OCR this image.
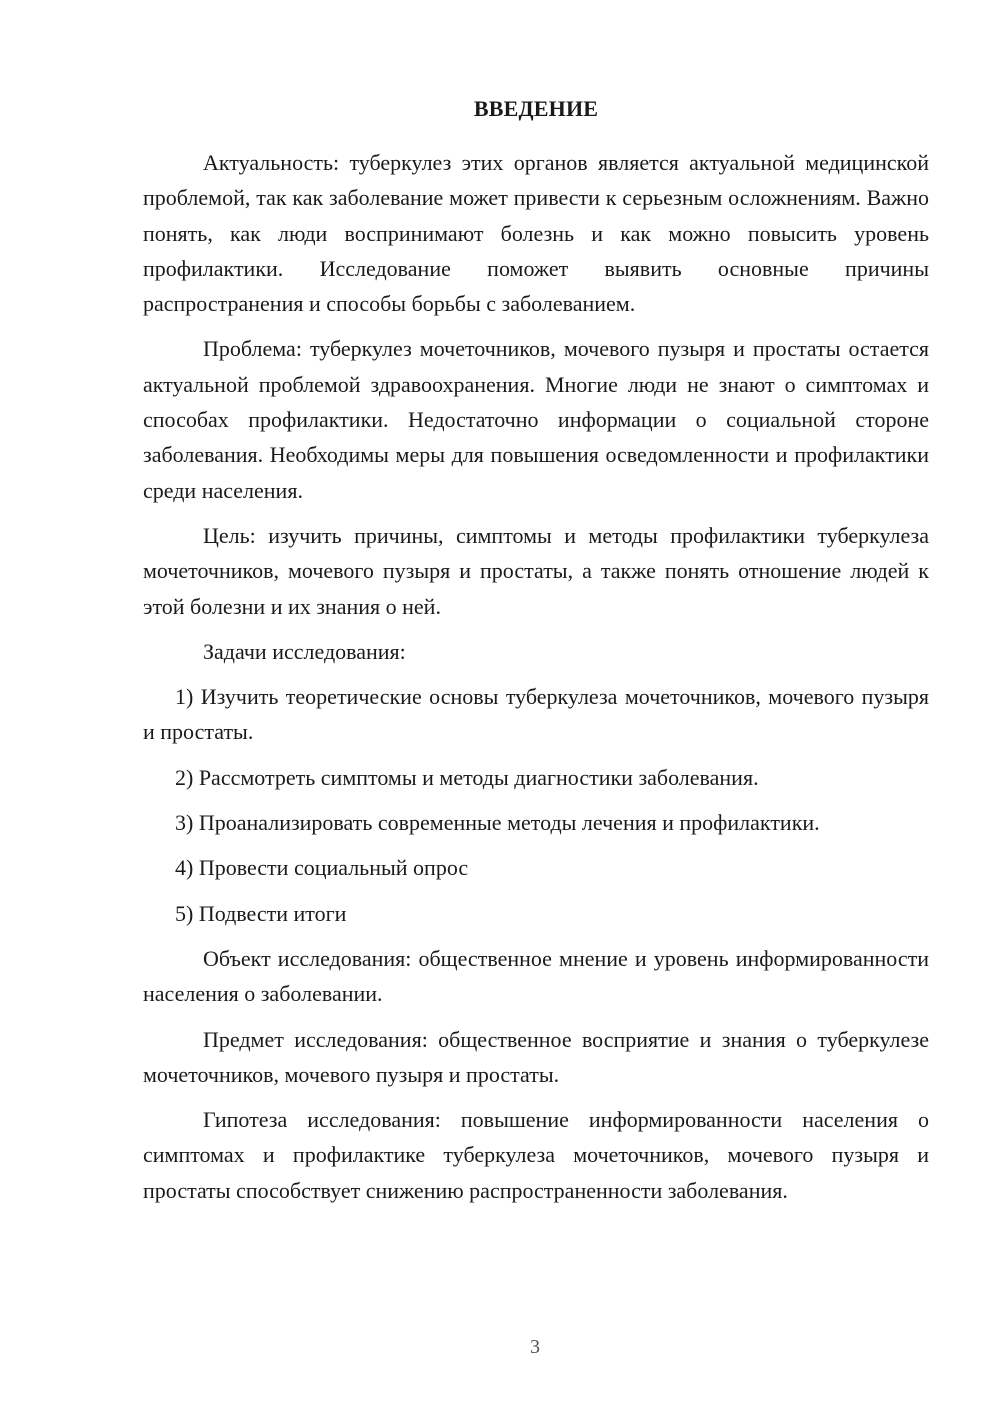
ВВЕДЕНИЕ

Актуальность: туберкулез этих органов является актуальной медицинской проблемой, так как заболевание может привести к серьезным осложнениям. Важно понять, как люди воспринимают болезнь и как можно повысить уровень профилактики. Исследование поможет выявить основные причины распространения и способы борьбы с заболеванием.

Проблема: туберкулез мочеточников, мочевого пузыря и простаты остается актуальной проблемой здравоохранения. Многие люди не знают о симптомах и способах профилактики. Недостаточно информации о социальной стороне заболевания. Необходимы меры для повышения осведомленности и профилактики среди населения.

Цель: изучить причины, симптомы и методы профилактики туберкулеза мочеточников, мочевого пузыря и простаты, а также понять отношение людей к этой болезни и их знания о ней.

Задачи исследования:

1) Изучить теоретические основы туберкулеза мочеточников, мочевого пузыря и простаты.

2) Рассмотреть симптомы и методы диагностики заболевания.

3) Проанализировать современные методы лечения и профилактики.

4) Провести социальный опрос

5) Подвести итоги

Объект исследования: общественное мнение и уровень информированности населения о заболевании.

Предмет исследования: общественное восприятие и знания о туберкулезе мочеточников, мочевого пузыря и простаты.

Гипотеза исследования: повышение информированности населения о симптомах и профилактике туберкулеза мочеточников, мочевого пузыря и простаты способствует снижению распространенности заболевания.

3
